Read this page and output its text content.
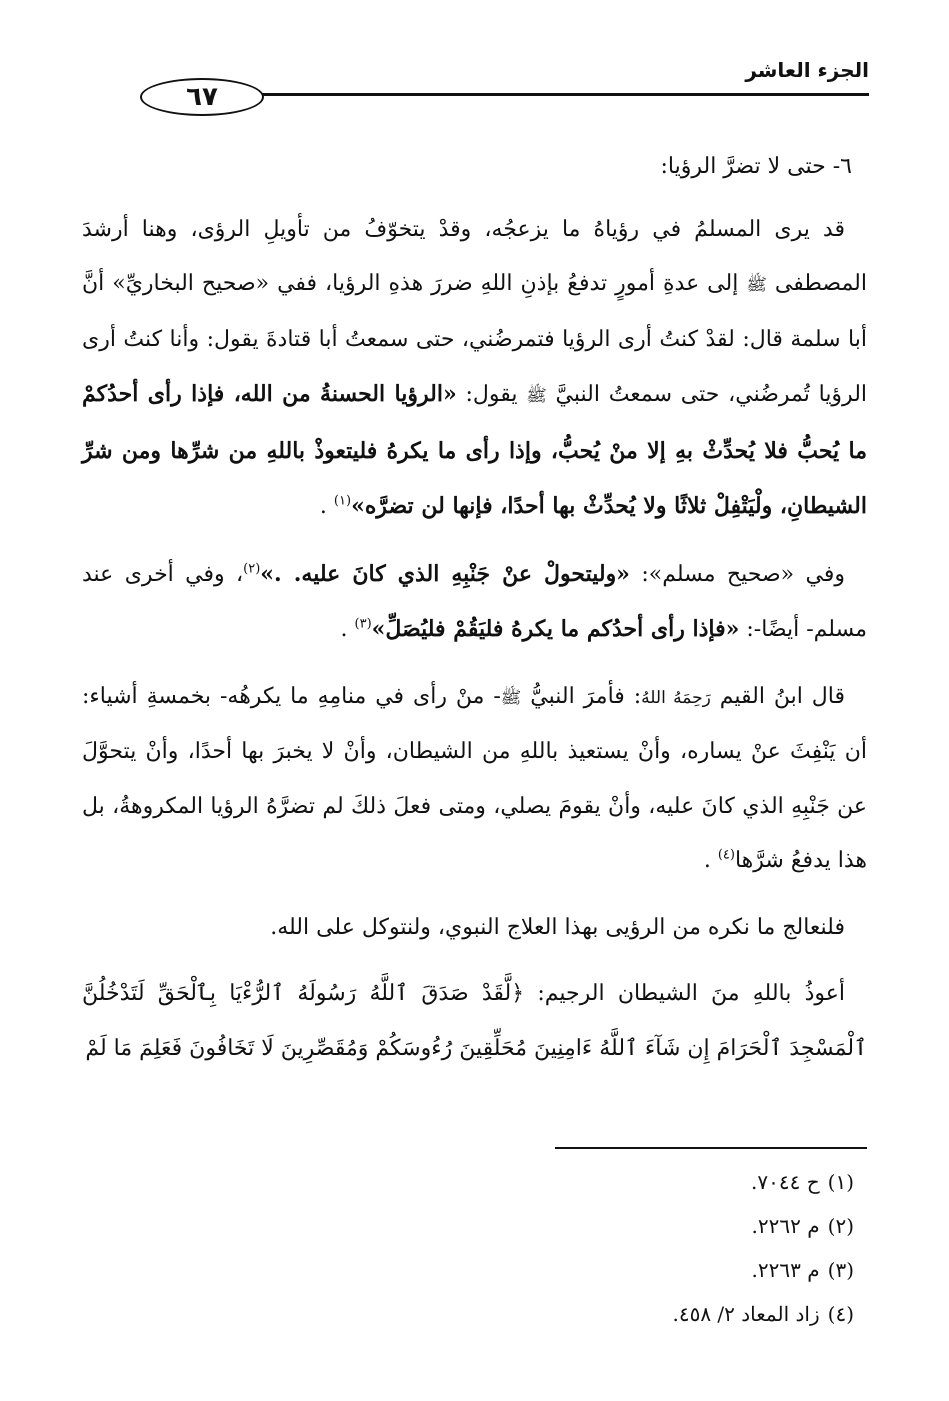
الجزء العاشر
٦٧

٦- حتى لا تضرَّ الرؤيا:

قد يرى المسلمُ في رؤياهُ ما يزعجُه، وقدْ يتخوّفُ من تأويلِ الرؤى، وهنا أرشدَ المصطفى ﷺ إلى عدةِ أمورٍ تدفعُ بإذنِ اللهِ ضررَ هذهِ الرؤيا، ففي «صحيح البخاريِّ» أنَّ أبا سلمة قال: لقدْ كنتُ أرى الرؤيا فتمرضُني، حتى سمعتُ أبا قتادةَ يقول: وأنا كنتُ أرى الرؤيا تُمرضُني، حتى سمعتُ النبيَّ ﷺ يقول: «الرؤيا الحسنةُ من الله، فإذا رأى أحدُكمْ ما يُحبُّ فلا يُحدِّثْ بهِ إلا منْ يُحبُّ، وإذا رأى ما يكرهُ فليتعوذْ باللهِ من شرِّها ومن شرِّ الشيطانِ، ولْيَتْفِلْ ثلاثًا ولا يُحدِّثْ بها أحدًا، فإنها لن تضرَّه»$^{(١)}$ .

وفي «صحيح مسلم»: «وليتحولْ عنْ جَنْبِهِ الذي كانَ عليه. .»$^{(٢)}$، وفي أخرى عند مسلم- أيضًا-: «فإذا رأى أحدُكم ما يكرهُ فليَقُمْ فليُصَلِّ»$^{(٣)}$ .

قال ابنُ القيم رَحِمَهُ اللهُ: فأمرَ النبيُّ ﷺ- منْ رأى في منامِهِ ما يكرهُه- بخمسةِ أشياء: أن يَنْفِثَ عنْ يساره، وأنْ يستعيذ باللهِ من الشيطان، وأنْ لا يخبرَ بها أحدًا، وأنْ يتحوَّلَ عن جَنْبِهِ الذي كانَ عليه، وأنْ يقومَ يصلي، ومتى فعلَ ذلكَ لم تضرَّهُ الرؤيا المكروهةُ، بل هذا يدفعُ شرَّها$^{(٤)}$ .

فلنعالج ما نكره من الرؤيى بهذا العلاج النبوي، ولنتوكل على الله.

أعوذُ باللهِ منَ الشيطان الرجيم: ﴿لَّقَدْ صَدَقَ ٱللَّهُ رَسُولَهُ ٱلرُّءْيَا بِٱلْحَقِّ لَتَدْخُلُنَّ ٱلْمَسْجِدَ ٱلْحَرَامَ إِن شَآءَ ٱللَّهُ ءَامِنِينَ مُحَلِّقِينَ رُءُوسَكُمْ وَمُقَصِّرِينَ لَا تَخَافُونَ فَعَلِمَ مَا لَمْ

(١)ح ٧٠٤٤.
(٢)م ٢٢٦٢.
(٣)م ٢٢٦٣.
(٤)زاد المعاد ٢/ ٤٥٨.
